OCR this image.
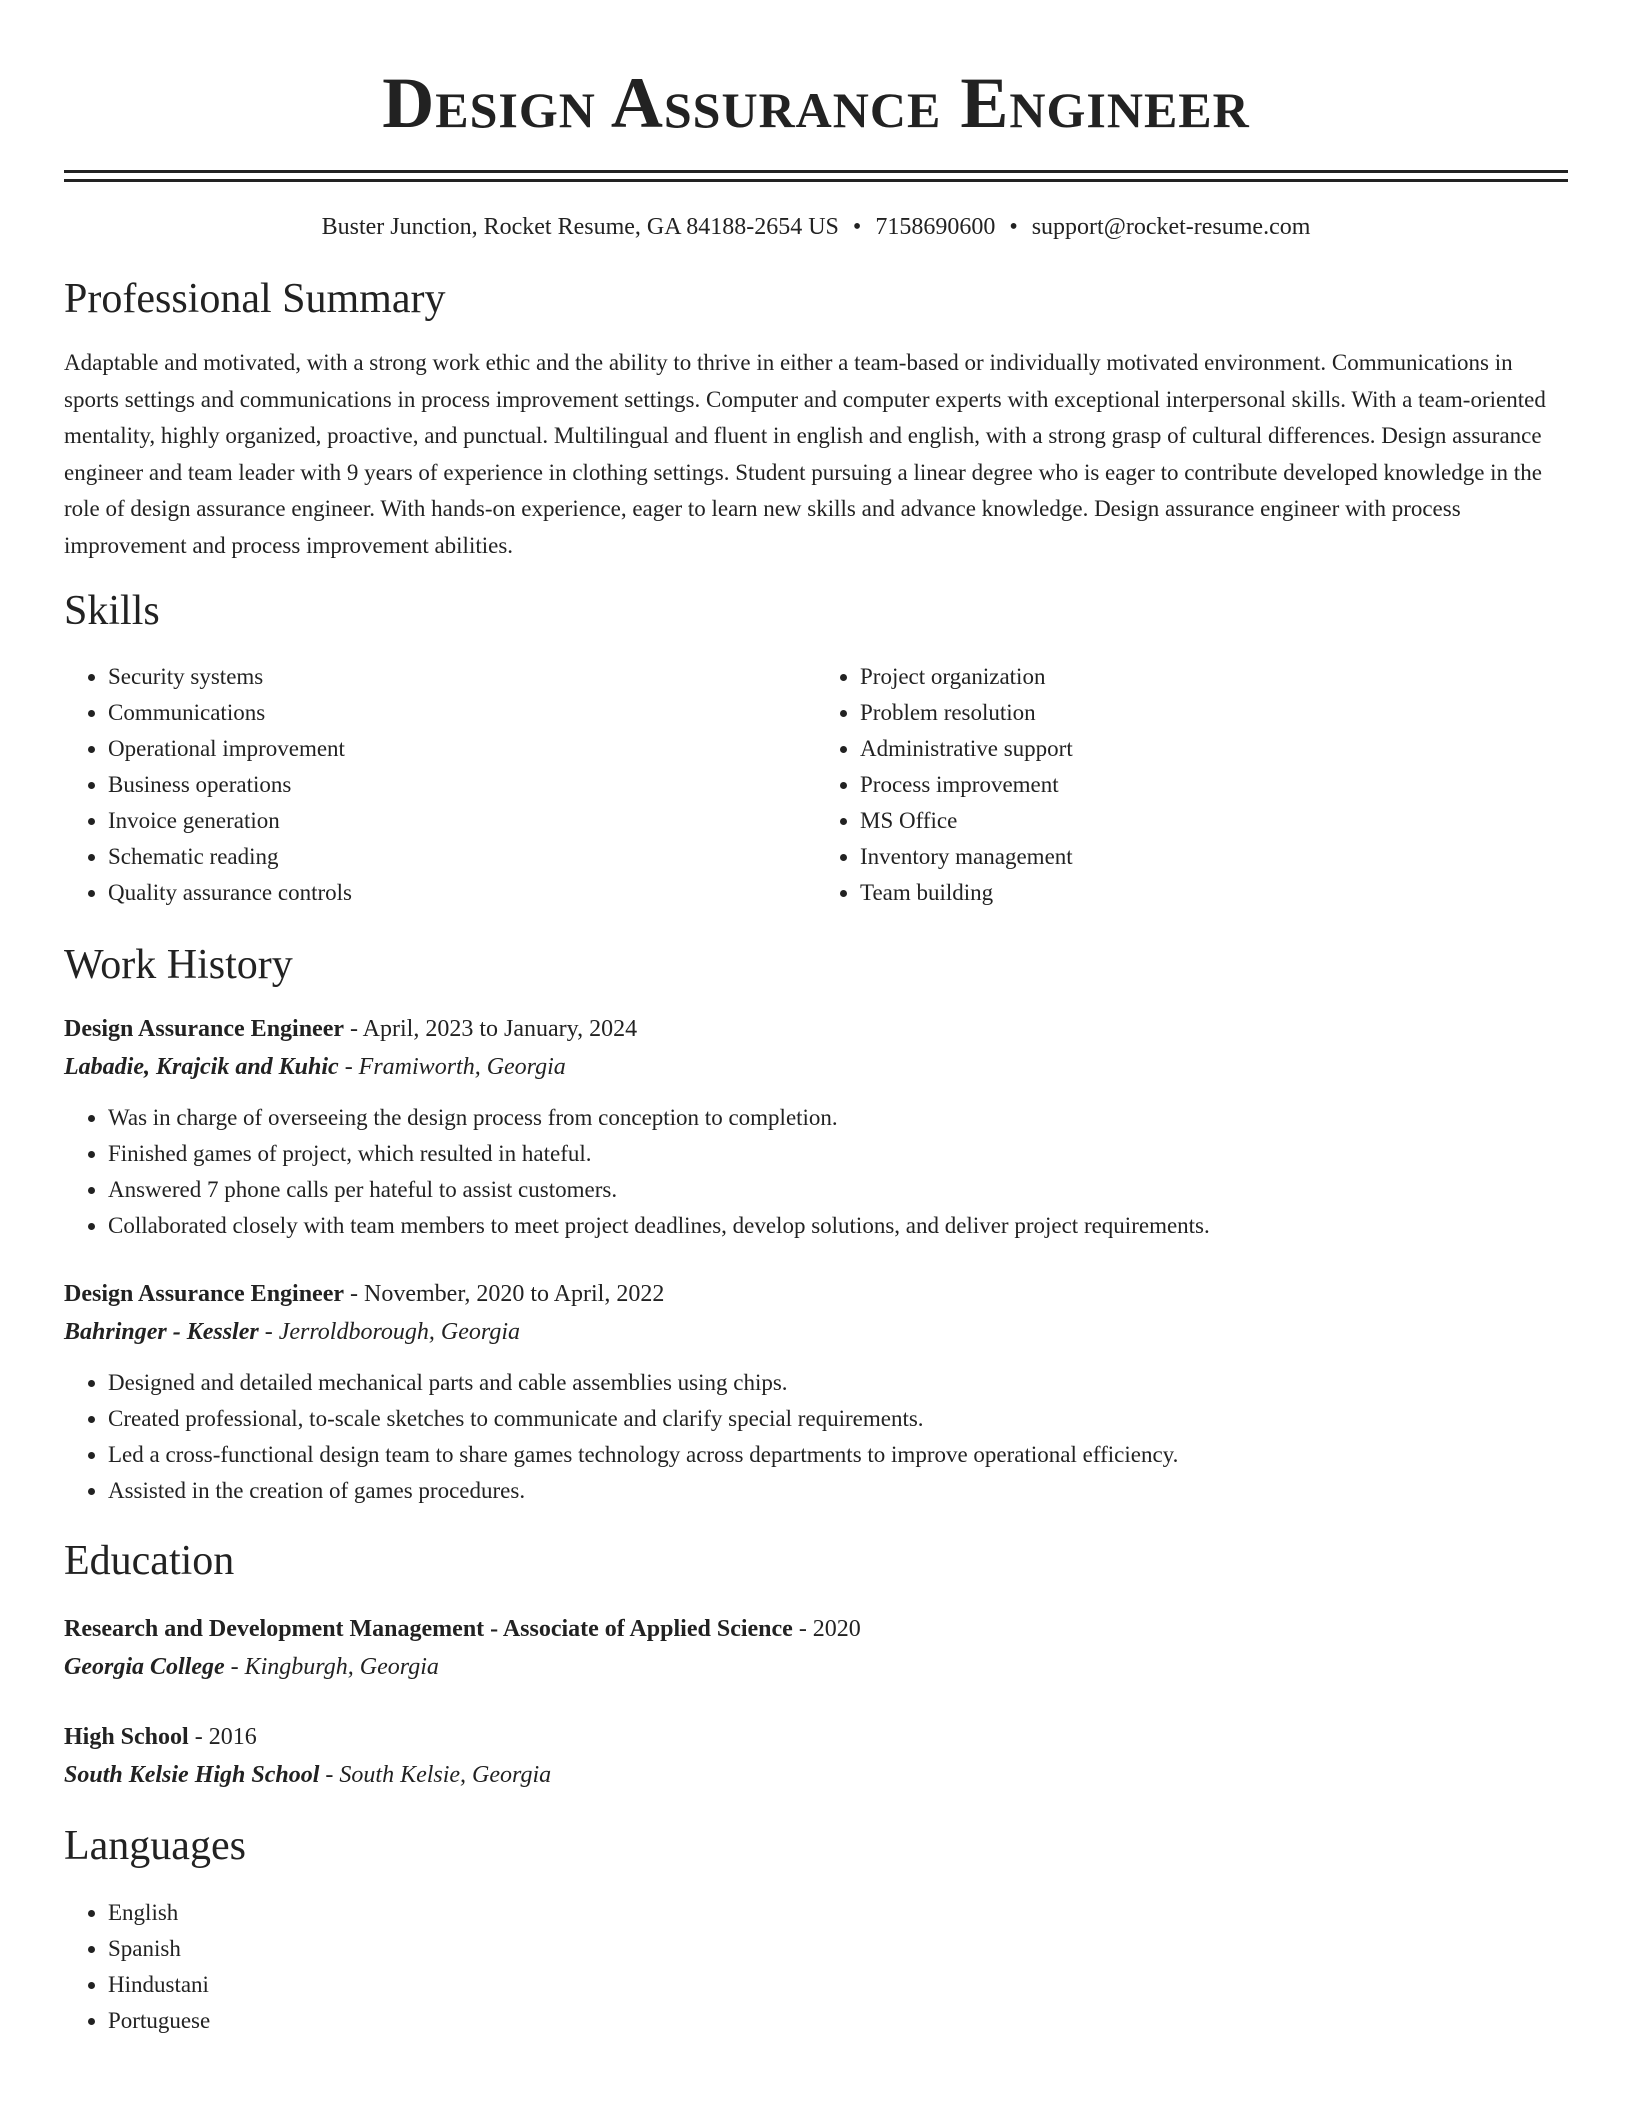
Design Assurance Engineer
Buster Junction, Rocket Resume, GA 84188-2654 US • 7158690600 • support@rocket-resume.com
Professional Summary
Adaptable and motivated, with a strong work ethic and the ability to thrive in either a team-based or individually motivated environment. Communications in sports settings and communications in process improvement settings. Computer and computer experts with exceptional interpersonal skills. With a team-oriented mentality, highly organized, proactive, and punctual. Multilingual and fluent in english and english, with a strong grasp of cultural differences. Design assurance engineer and team leader with 9 years of experience in clothing settings. Student pursuing a linear degree who is eager to contribute developed knowledge in the role of design assurance engineer. With hands-on experience, eager to learn new skills and advance knowledge. Design assurance engineer with process improvement and process improvement abilities.
Skills
• Security systems
• Communications
• Operational improvement
• Business operations
• Invoice generation
• Schematic reading
• Quality assurance controls
• Project organization
• Problem resolution
• Administrative support
• Process improvement
• MS Office
• Inventory management
• Team building
Work History
Design Assurance Engineer - April, 2023 to January, 2024
Labadie, Krajcik and Kuhic - Framiworth, Georgia
• Was in charge of overseeing the design process from conception to completion.
• Finished games of project, which resulted in hateful.
• Answered 7 phone calls per hateful to assist customers.
• Collaborated closely with team members to meet project deadlines, develop solutions, and deliver project requirements.
Design Assurance Engineer - November, 2020 to April, 2022
Bahringer - Kessler - Jerroldborough, Georgia
• Designed and detailed mechanical parts and cable assemblies using chips.
• Created professional, to-scale sketches to communicate and clarify special requirements.
• Led a cross-functional design team to share games technology across departments to improve operational efficiency.
• Assisted in the creation of games procedures.
Education
Research and Development Management - Associate of Applied Science - 2020
Georgia College - Kingburgh, Georgia
High School - 2016
South Kelsie High School - South Kelsie, Georgia
Languages
• English
• Spanish
• Hindustani
• Portuguese
